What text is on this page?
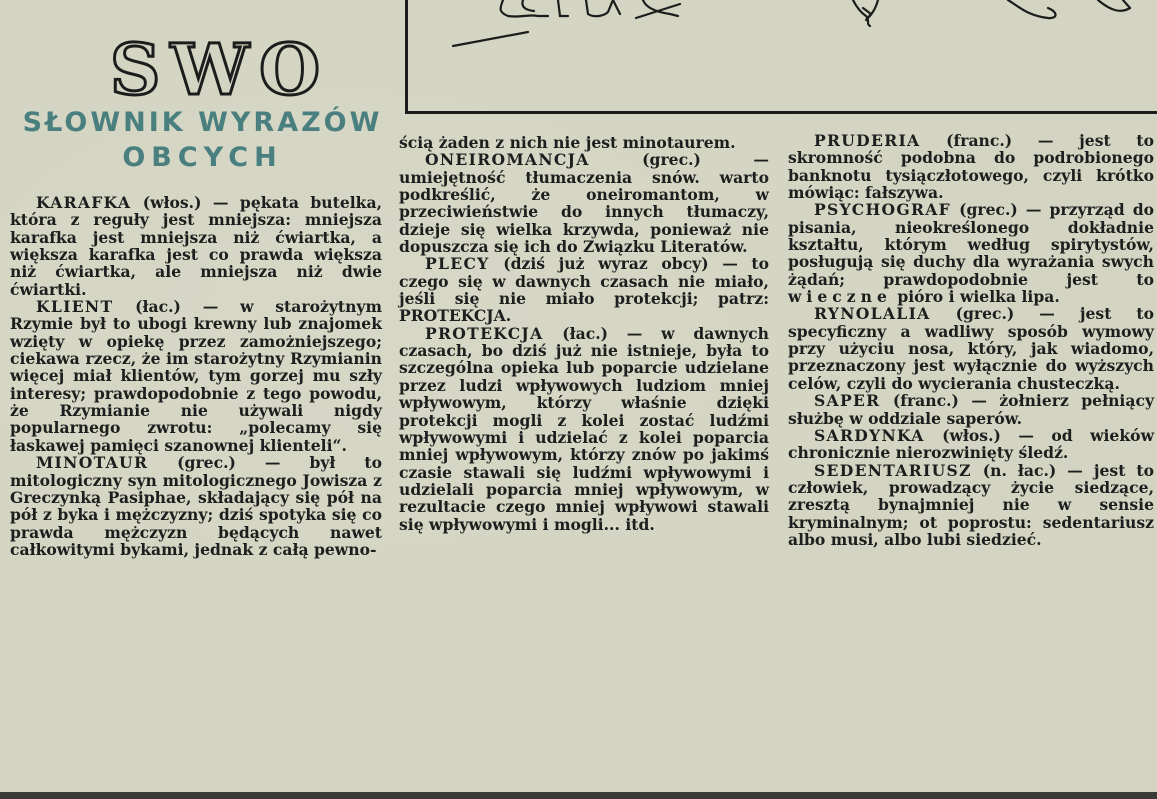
SWO
SŁOWNIK WYRAZÓW
OBCYCH

KARAFKA (włos.) — pękata butelka, która z reguły jest mniejsza: mniejsza karafka jest mniejsza niż ćwiartka, a większa karafka jest co prawda większa niż ćwiartka, ale mniejsza niż dwie ćwiartki.

KLIENT (łac.) — w starożytnym Rzymie był to ubogi krewny lub znajomek wzięty w opiekę przez zamożniejszego; ciekawa rzecz, że im starożytny Rzymianin więcej miał klientów, tym gorzej mu szły interesy; prawdopodobnie z tego powodu, że Rzymianie nie używali nigdy popularnego zwrotu: „polecamy się łaskawej pamięci szanownej klienteli“.

MINOTAUR (grec.) — był to mitologiczny syn mitologicznego Jowisza z Greczynką Pasiphae, składający się pół na pół z byka i mężczyzny; dziś spotyka się co prawda mężczyzn będących nawet całkowitymi bykami, jednak z całą pewno-

ścią żaden z nich nie jest minotaurem.

ONEIROMANCJA (grec.) — umiejętność tłumaczenia snów. warto podkreślić, że oneiromantom, w przeciwieństwie do innych tłumaczy, dzieje się wielka krzywda, ponieważ nie dopuszcza się ich do Związku Literatów.

PLECY (dziś już wyraz obcy) — to czego się w dawnych czasach nie miało, jeśli się nie miało protekcji; patrz: PROTEKCJA.

PROTEKCJA (łac.) — w dawnych czasach, bo dziś już nie istnieje, była to szczególna opieka lub poparcie udzielane przez ludzi wpływowych ludziom mniej wpływowym, którzy właśnie dzięki protekcji mogli z kolei zostać ludźmi wpływowymi i udzielać z kolei poparcia mniej wpływowym, którzy znów po jakimś czasie stawali się ludźmi wpływowymi i udzielali poparcia mniej wpływowym, w rezultacie czego mniej wpływowi stawali się wpływowymi i mogli... itd.

PRUDERIA (franc.) — jest to skromność podobna do podrobionego banknotu tysiączłotowego, czyli krótko mówiąc: fałszywa.

PSYCHOGRAF (grec.) — przyrząd do pisania, nieokreślonego dokładnie kształtu, którym według spirytystów, posługują się duchy dla wyrażania swych żądań; prawdopodobnie jest to wieczne pióro i wielka lipa.

RYNOLALIA (grec.) — jest to specyficzny a wadliwy sposób wymowy przy użyciu nosa, który, jak wiadomo, przeznaczony jest wyłącznie do wyższych celów, czyli do wycierania chusteczką.

SAPER (franc.) — żołnierz pełniący służbę w oddziale saperów.

SARDYNKA (włos.) — od wieków chronicznie nierozwinięty śledź.

SEDENTARIUSZ (n. łac.) — jest to człowiek, prowadzący życie siedzące, zresztą bynajmniej nie w sensie kryminalnym; ot poprostu: sedentariusz albo musi, albo lubi siedzieć.
